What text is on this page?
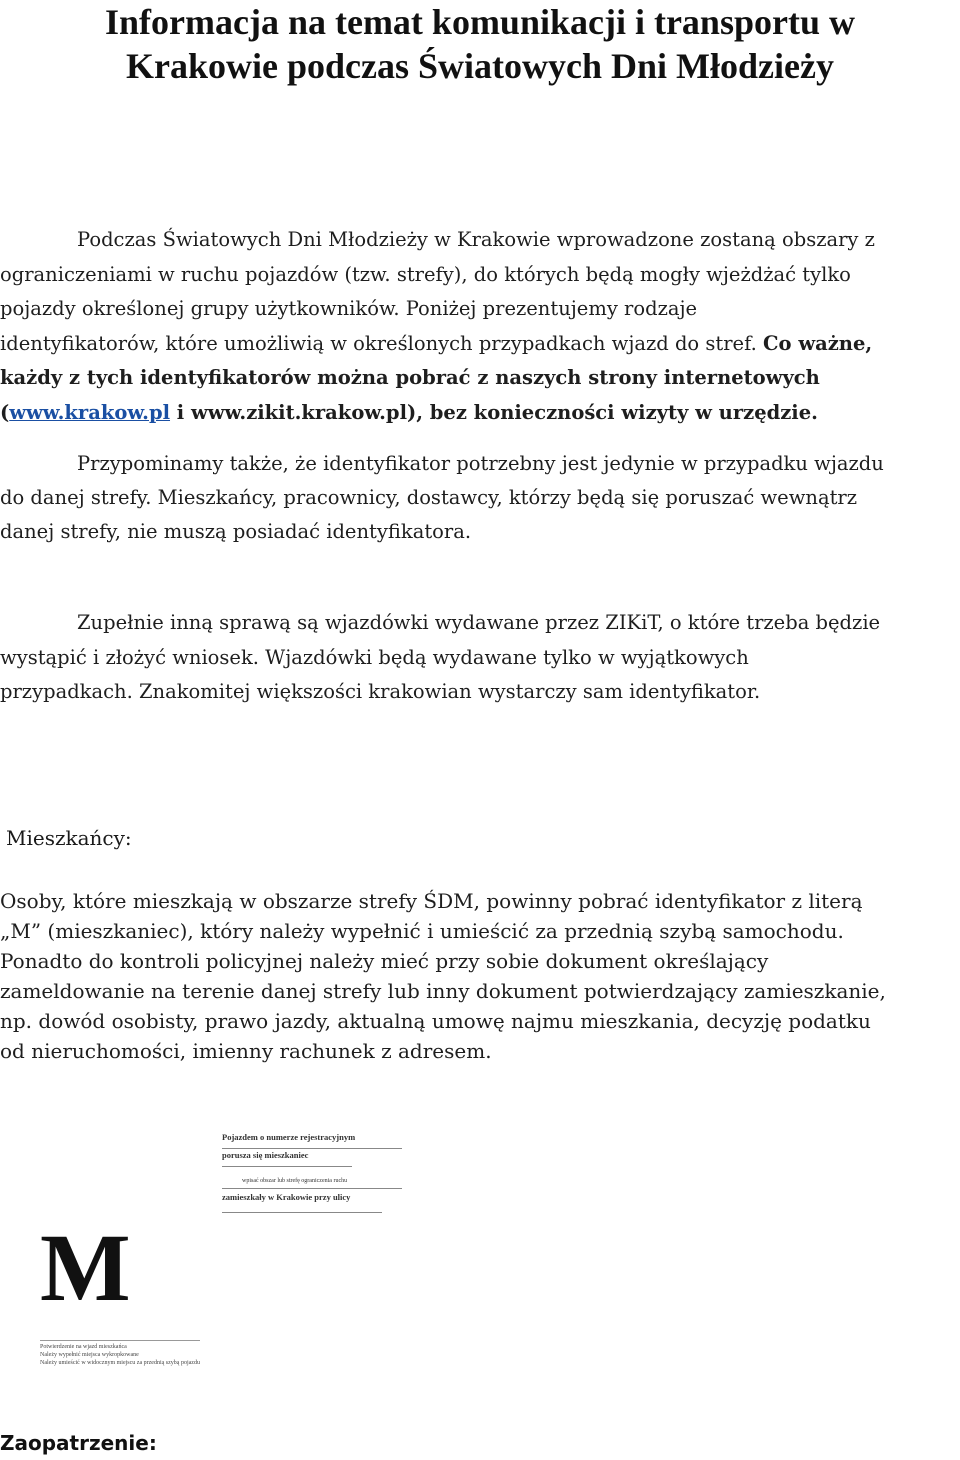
Informacja na temat komunikacji i transportu w
Krakowie podczas Światowych Dni Młodzieży
Podczas Światowych Dni Młodzieży w Krakowie wprowadzone zostaną obszary z
ograniczeniami w ruchu pojazdów (tzw. strefy), do których będą mogły wjeżdżać tylko
pojazdy określonej grupy użytkowników. Poniżej prezentujemy rodzaje
identyfikatorów, które umożliwią w określonych przypadkach wjazd do stref. Co ważne,
każdy z tych identyfikatorów można pobrać z naszych strony internetowych
(www.krakow.pl i www.zikit.krakow.pl), bez konieczności wizyty w urzędzie.
Przypominamy także, że identyfikator potrzebny jest jedynie w przypadku wjazdu
do danej strefy. Mieszkańcy, pracownicy, dostawcy, którzy będą się poruszać wewnątrz
danej strefy, nie muszą posiadać identyfikatora.
Zupełnie inną sprawą są wjazdówki wydawane przez ZIKiT, o które trzeba będzie
wystąpić i złożyć wniosek. Wjazdówki będą wydawane tylko w wyjątkowych
przypadkach. Znakomitej większości krakowian wystarczy sam identyfikator.

Mieszkańcy:

Osoby, które mieszkają w obszarze strefy ŚDM, powinny pobrać identyfikator z literą
„M” (mieszkaniec), który należy wypełnić i umieścić za przednią szybą samochodu.
Ponadto do kontroli policyjnej należy mieć przy sobie dokument określający
zameldowanie na terenie danej strefy lub inny dokument potwierdzający zamieszkanie,
np. dowód osobisty, prawo jazdy, aktualną umowę najmu mieszkania, decyzję podatku
od nieruchomości, imienny rachunek z adresem.
Pojazdem o numerze rejestracyjnym
porusza się mieszkaniec
wpisać obszar lub strefę ograniczenia ruchu
zamieszkały w Krakowie przy ulicy
M
Potwierdzenie na wjazd mieszkańca
Należy wypełnić miejsca wykropkowane
Należy umieścić w widocznym miejscu za przednią szybą pojazdu

Zaopatrzenie:
